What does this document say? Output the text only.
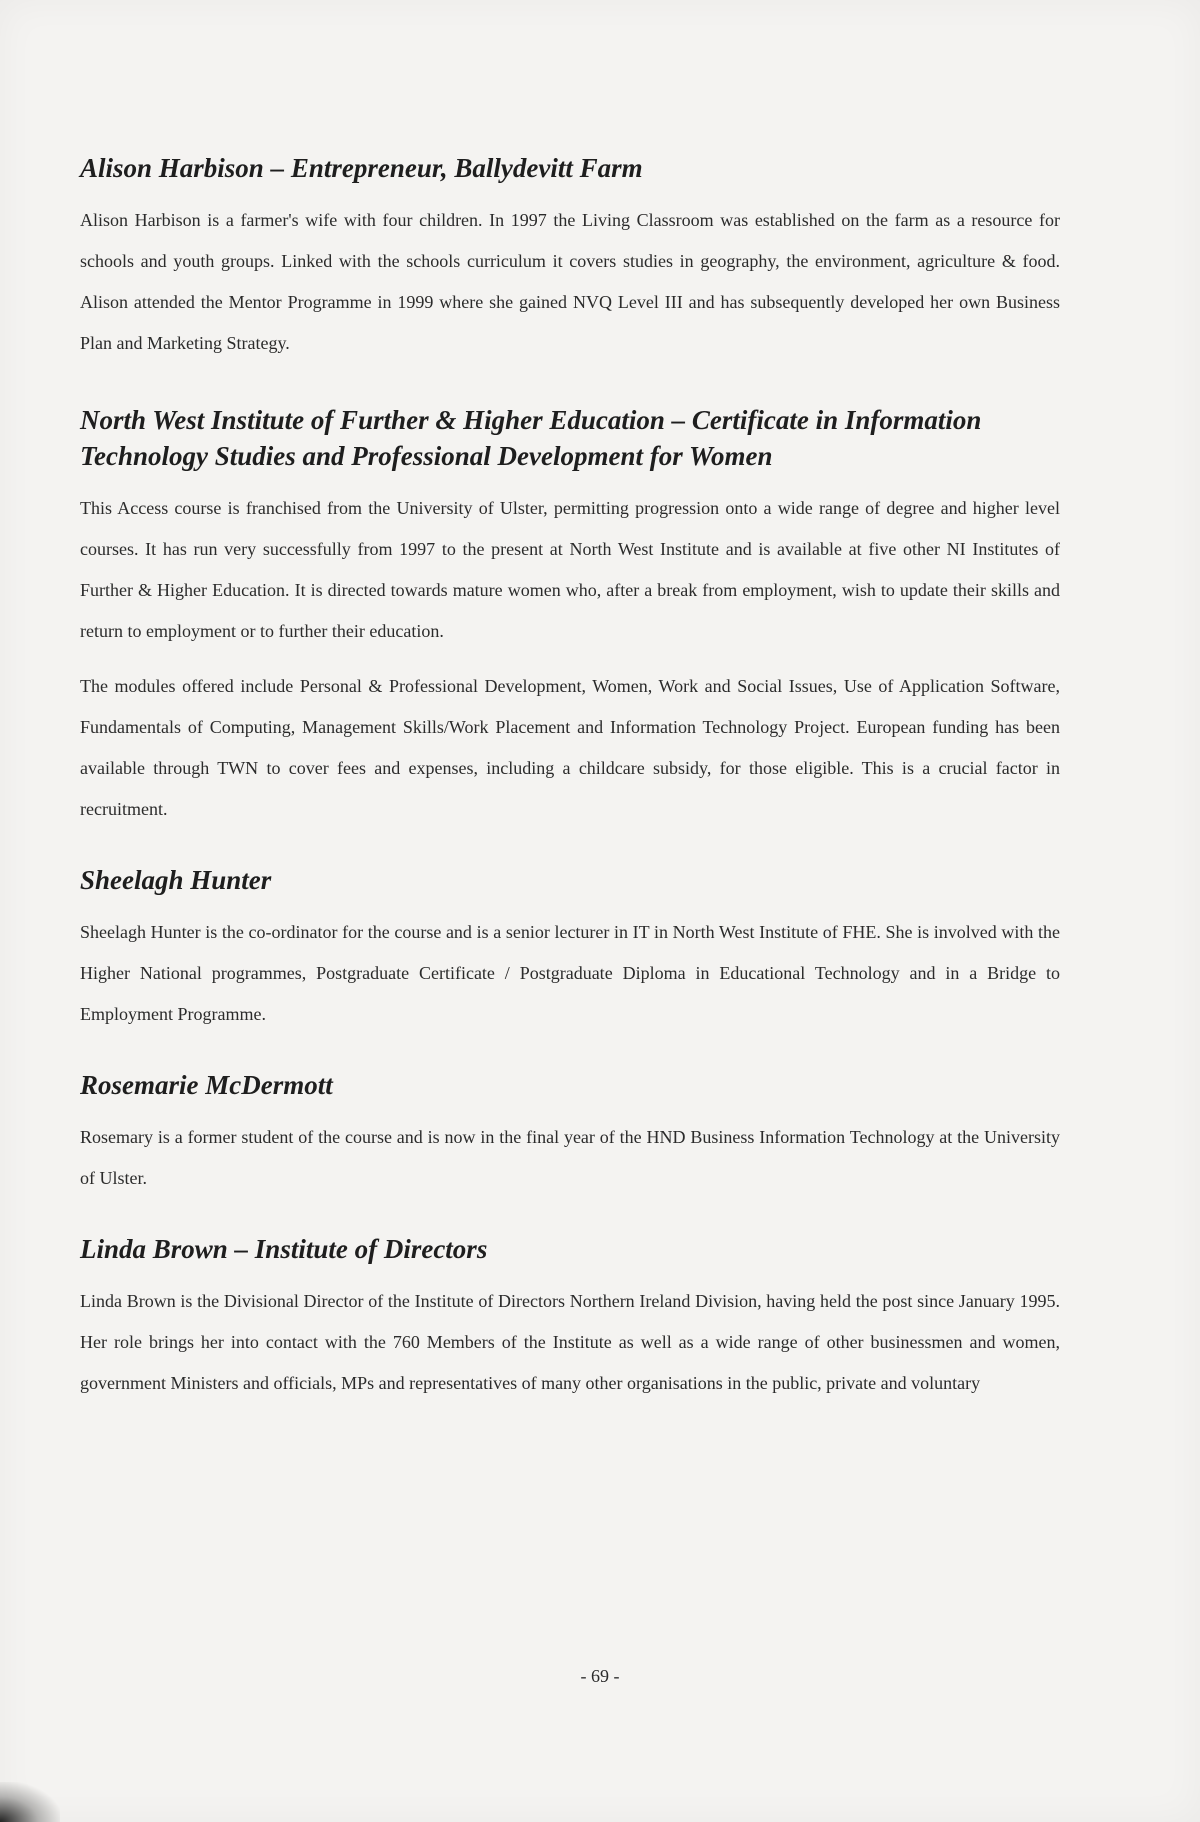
Alison Harbison – Entrepreneur, Ballydevitt Farm

Alison Harbison is a farmer's wife with four children. In 1997 the Living Classroom was established on the farm as a resource for schools and youth groups. Linked with the schools curriculum it covers studies in geography, the environment, agriculture & food. Alison attended the Mentor Programme in 1999 where she gained NVQ Level III and has subsequently developed her own Business Plan and Marketing Strategy.

North West Institute of Further & Higher Education – Certificate in Information Technology Studies and Professional Development for Women

This Access course is franchised from the University of Ulster, permitting progression onto a wide range of degree and higher level courses. It has run very successfully from 1997 to the present at North West Institute and is available at five other NI Institutes of Further & Higher Education. It is directed towards mature women who, after a break from employment, wish to update their skills and return to employment or to further their education.

The modules offered include Personal & Professional Development, Women, Work and Social Issues, Use of Application Software, Fundamentals of Computing, Management Skills/Work Placement and Information Technology Project. European funding has been available through TWN to cover fees and expenses, including a childcare subsidy, for those eligible. This is a crucial factor in recruitment.

Sheelagh Hunter

Sheelagh Hunter is the co-ordinator for the course and is a senior lecturer in IT in North West Institute of FHE. She is involved with the Higher National programmes, Postgraduate Certificate / Postgraduate Diploma in Educational Technology and in a Bridge to Employment Programme.

Rosemarie McDermott

Rosemary is a former student of the course and is now in the final year of the HND Business Information Technology at the University of Ulster.

Linda Brown – Institute of Directors

Linda Brown is the Divisional Director of the Institute of Directors Northern Ireland Division, having held the post since January 1995. Her role brings her into contact with the 760 Members of the Institute as well as a wide range of other businessmen and women, government Ministers and officials, MPs and representatives of many other organisations in the public, private and voluntary

- 69 -
